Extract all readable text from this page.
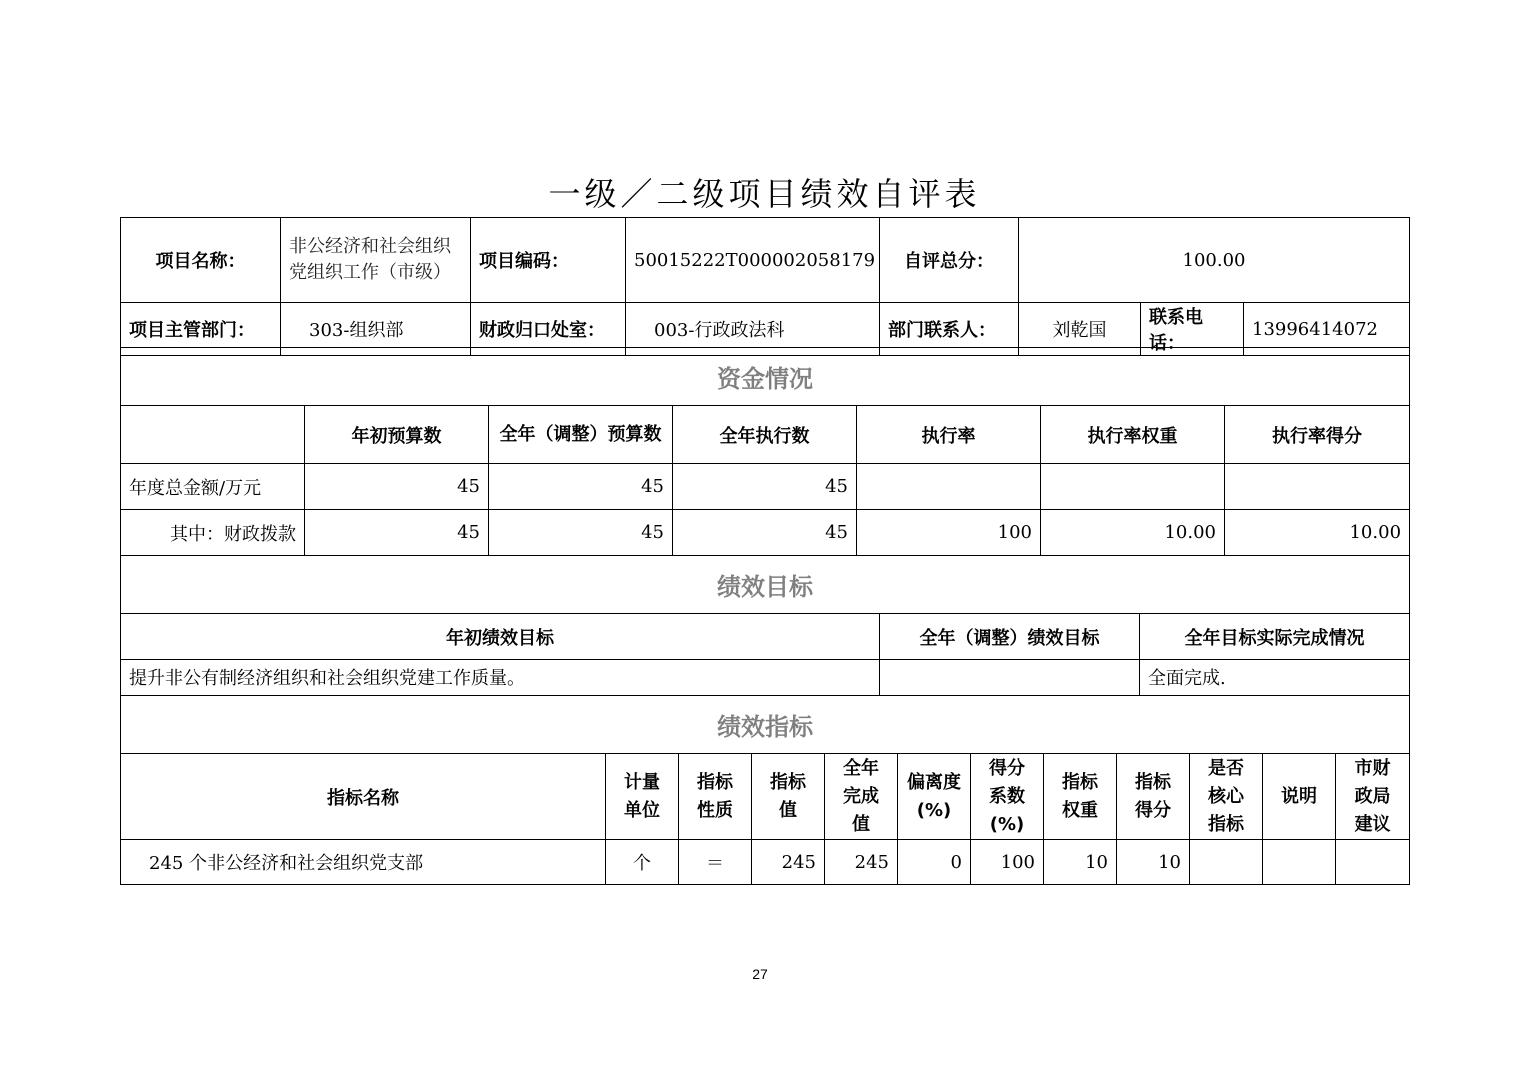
一级／二级项目绩效自评表
项目名称：	非公经济和社会组织党组织工作（市级）	项目编码：	50015222T000002058179	自评总分：	100.00		
项目主管部门：	303-组织部	财政归口处室：	003-行政政法科	部门联系人：	刘乾国	联系电话：	13996414072
资金情况						
	年初预算数	全年（调整）预算数	全年执行数	执行率	执行率权重	执行率得分
年度总金额/万元	45	45	45			
其中：财政拨款	45	45	45	100	10.00	10.00
绩效目标		
年初绩效目标	全年（调整）绩效目标	全年目标实际完成情况
提升非公有制经济组织和社会组织党建工作质量。		全面完成.
绩效指标											
指标名称	计量单位	指标性质	指标值	全年完成值	偏离度(%)	得分系数(%)	指标权重	指标得分	是否核心指标	说明	市财政局建议
245 个非公经济和社会组织党支部	个	＝	245	245	0	100	10	10			
27
